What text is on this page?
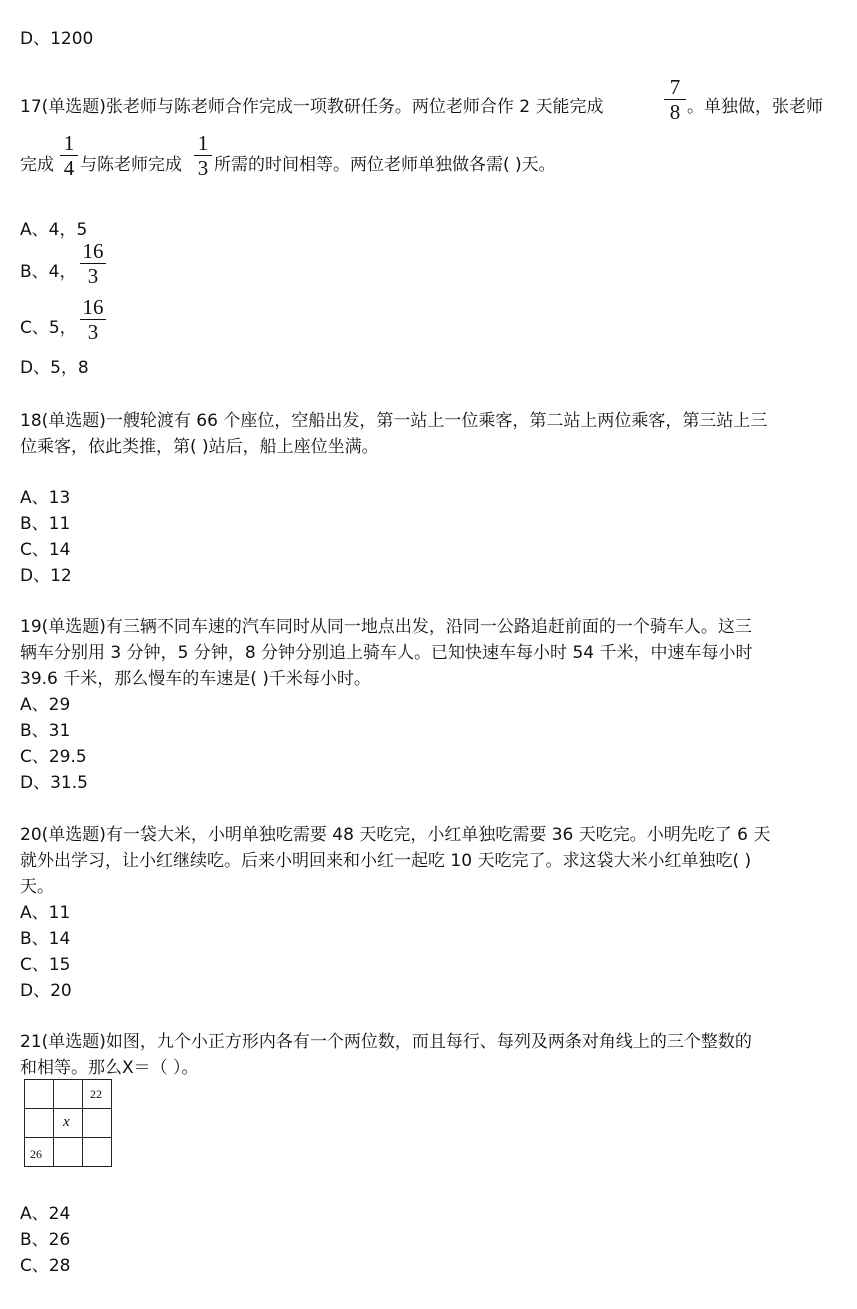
D、1200
17(单选题)张老师与陈老师合作完成一项教研任务。两位老师合作 2 天能完成
7
8 。单独做，张老师
完成
1
4 与陈老师完成
1
3 所需的时间相等。两位老师单独做各需( )天。
A、4，5
B、4，
16
3
C、5，
16
3
D、5，8
18(单选题)一艘轮渡有 66 个座位，空船出发，第一站上一位乘客，第二站上两位乘客，第三站上三
位乘客，依此类推，第( )站后，船上座位坐满。
A、13
B、11
C、14
D、12
19(单选题)有三辆不同车速的汽车同时从同一地点出发，沿同一公路追赶前面的一个骑车人。这三
辆车分别用 3 分钟，5 分钟，8 分钟分别追上骑车人。已知快速车每小时 54 千米，中速车每小时
39.6 千米，那么慢车的车速是( )千米每小时。
A、29
B、31
C、29.5
D、31.5
20(单选题)有一袋大米，小明单独吃需要 48 天吃完，小红单独吃需要 36 天吃完。小明先吃了 6 天
就外出学习，让小红继续吃。后来小明回来和小红一起吃 10 天吃完了。求这袋大米小红单独吃( )
天。
A、11
B、14
C、15
D、20
21(单选题)如图，九个小正方形内各有一个两位数，而且每行、每列及两条对角线上的三个整数的
和相等。那么X＝（ ）。

		22

	x	

26		

A、24
B、26
C、28
